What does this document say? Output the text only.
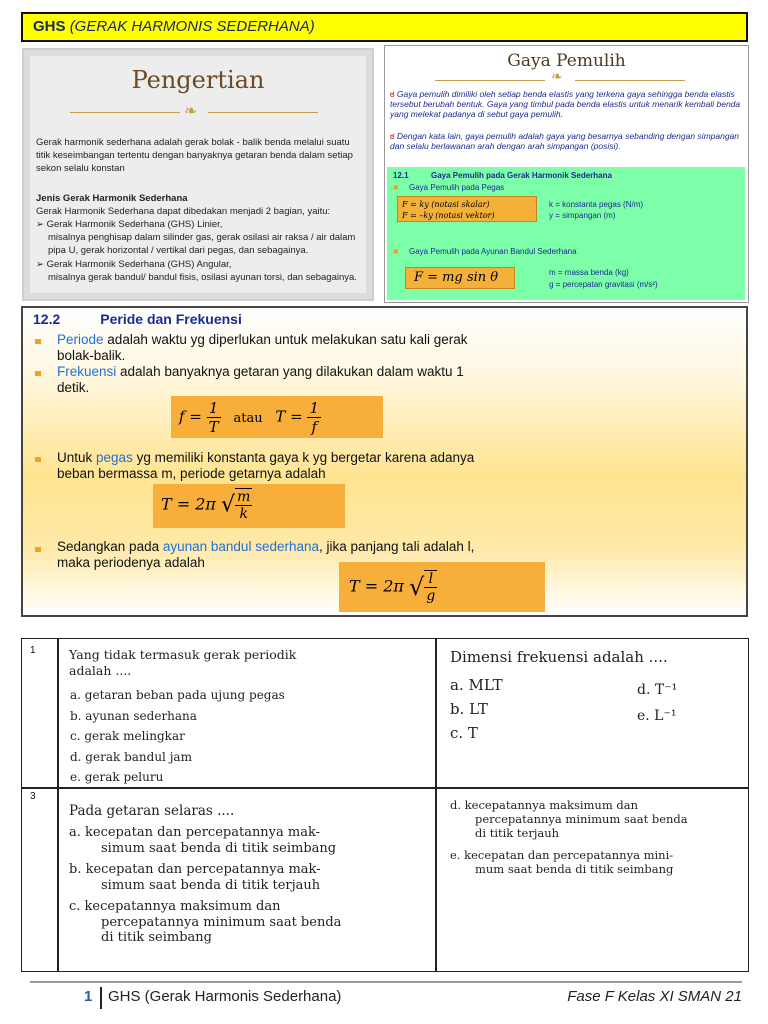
GHS (GERAK HARMONIS SEDERHANA)
Pengertian
❧
Gerak harmonik sederhana adalah gerak bolak - balik benda melalui suatu titik keseimbangan tertentu dengan banyaknya getaran benda dalam setiap sekon selalu konstan
Jenis Gerak Harmonik Sederhana
Gerak Harmonik Sederhana dapat dibedakan menjadi 2 bagian, yaitu:
➢ Gerak Harmonik Sederhana (GHS) Linier,
misalnya penghisap dalam silinder gas, gerak osilasi air raksa / air dalam pipa U, gerak horizontal / vertikal dari pegas, dan sebagainya.
➢ Gerak Harmonik Sederhana (GHS) Angular,
misalnya gerak bandul/ bandul fisis, osilasi ayunan torsi, dan sebagainya.
Gaya Pemulih
❧
ಠ Gaya pemulih dimiliki oleh setiap benda elastis yang terkena gaya sehingga benda elastis tersebut berubah bentuk. Gaya yang timbul pada benda elastis untuk menarik kembali benda yang melekat padanya di sebut gaya pemulih.
ಠ Dengan kata lain, gaya pemulih adalah gaya yang besarnya sebanding dengan simpangan dan selalu berlawanan arah dengan arah simpangan (posisi).
12.1	Gaya Pemulih pada Gerak Harmonik Sederhana
■ Gaya Pemulih pada Pegas
F = ky (notasi skalar)
F = –ky (notasi vektor)
k = konstanta pegas (N/m)
y = simpangan (m)
■ Gaya Pemulih pada Ayunan Bandul Sederhana
F = mg sin θ	m = massa benda (kg)
g = percepatan gravitasi (m/s²)
12.2	Peride dan Frekuensi
Periode adalah waktu yg diperlukan untuk melakukan satu kali gerak
bolak-balik.
Frekuensi adalah banyaknya getaran yang dilakukan dalam waktu 1
detik.
$f = \frac{1}{T}$ atau $T = \frac{1}{f}$
Untuk pegas yg memiliki konstanta gaya k yg bergetar karena adanya
beban bermassa m, periode getarnya adalah
T = 2π √ $\frac{m}{k}$
Sedangkan pada ayunan bandul sederhana, jika panjang tali adalah l,
maka periodenya adalah
T = 2π √ $\frac{l}{g}$
1	Yang tidak termasuk gerak periodik
adalah ....
a. getaran beban pada ujung pegas
b. ayunan sederhana
c. gerak melingkar
d. gerak bandul jam
e. gerak peluru
Dimensi frekuensi adalah ....
a. MLT
b. LT
c. T
d. T⁻¹
e. L⁻¹
3
Pada getaran selaras ....
a. kecepatan dan percepatannya mak-
simum saat benda di titik seimbang
b. kecepatan dan percepatannya mak-
simum saat benda di titik terjauh
c. kecepatannya maksimum dan
percepatannya minimum saat benda
di titik seimbang
d. kecepatannya maksimum dan
percepatannya minimum saat benda
di titik terjauh
e. kecepatan dan percepatannya mini-
mum saat benda di titik seimbang
1 GHS (Gerak Harmonis Sederhana)	Fase F Kelas XI SMAN 21
